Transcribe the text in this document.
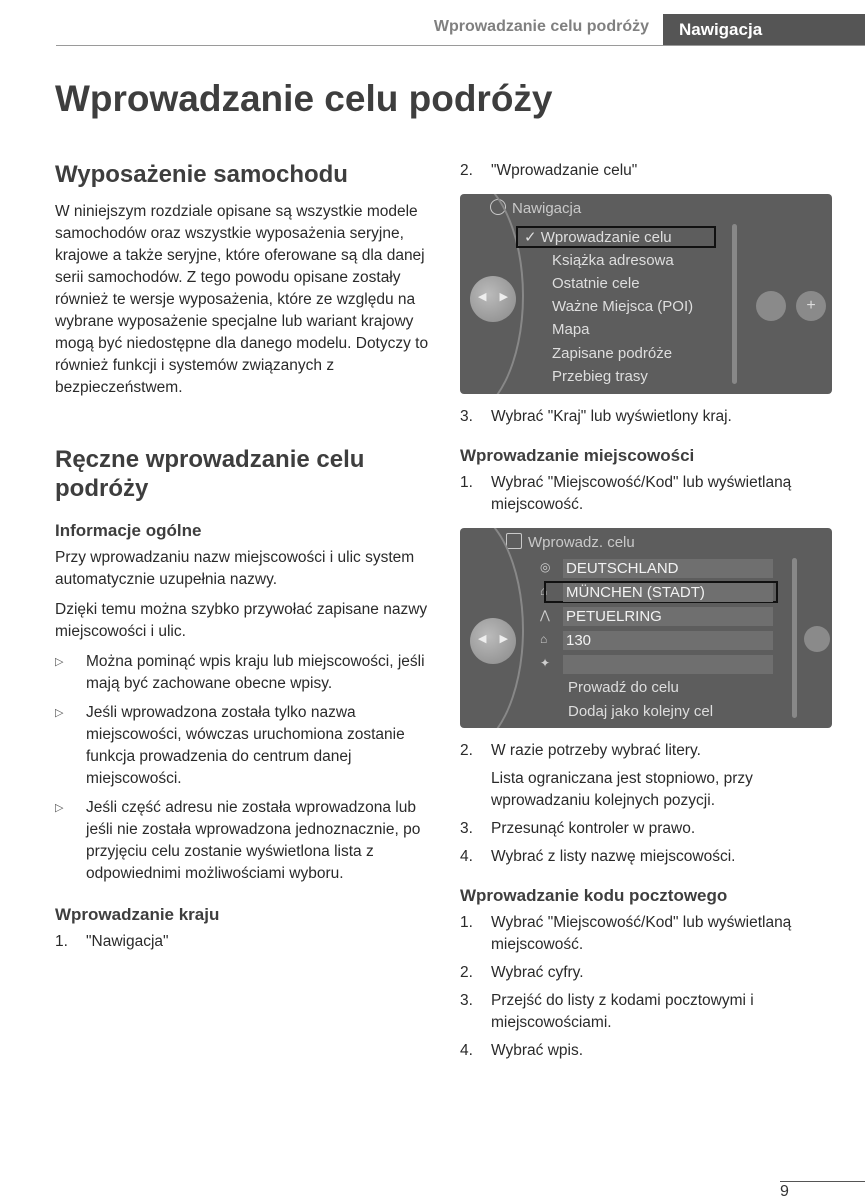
Wprowadzanie celu podróży	Nawigacja
Wprowadzanie celu podróży
Wyposażenie samochodu

W niniejszym rozdziale opisane są wszystkie modele samochodów oraz wszystkie wyposażenia seryjne, krajowe a także seryjne, które oferowane są dla danej serii samochodów. Z tego powodu opisane zostały również te wersje wyposażenia, które ze względu na wybrane wyposażenie specjalne lub wariant krajowy mogą być niedostępne dla danego modelu. Dotyczy to również funkcji i systemów związanych z bezpieczeństwem.

Ręczne wprowadzanie celu podróży
Informacje ogólne

Przy wprowadzaniu nazw miejscowości i ulic system automatycznie uzupełnia nazwy.

Dzięki temu można szybko przywołać zapisane nazwy miejscowości i ulic.

▷ Można pominąć wpis kraju lub miejscowości, jeśli mają być zachowane obecne wpisy.
▷ Jeśli wprowadzona została tylko nazwa miejscowości, wówczas uruchomiona zostanie funkcja prowadzenia do centrum danej miejscowości.
▷ Jeśli część adresu nie została wprowadzona lub jeśli nie została wprowadzona jednoznacznie, po przyjęciu celu zostanie wyświetlona lista z odpowiednimi możliwościami wyboru.
Wprowadzanie kraju
1. "Nawigacja"
2. "Wprowadzanie celu"
Nawigacja
◀ ▶
✓ Wprowadzanie celu
Książka adresowa
Ostatnie cele
Ważne Miejsca (POI)
Mapa
Zapisane podróże
Przebieg trasy
+
3. Wybrać "Kraj" lub wyświetlony kraj.
Wprowadzanie miejscowości
1. Wybrać "Miejscowość/Kod" lub wyświetlaną miejscowość.
Wprowadz. celu
◀ ▶
◎ DEUTSCHLAND
⌂ MÜNCHEN (STADT)
⋀ PETUELRING
⌂ 130
✦
Prowadź do celu
Dodaj jako kolejny cel
2. W razie potrzeby wybrać litery.
Lista ograniczana jest stopniowo, przy wprowadzaniu kolejnych pozycji.
3. Przesunąć kontroler w prawo.
4. Wybrać z listy nazwę miejscowości.
Wprowadzanie kodu pocztowego
1. Wybrać "Miejscowość/Kod" lub wyświetlaną miejscowość.
2. Wybrać cyfry.
3. Przejść do listy z kodami pocztowymi i miejscowościami.
4. Wybrać wpis.
9
